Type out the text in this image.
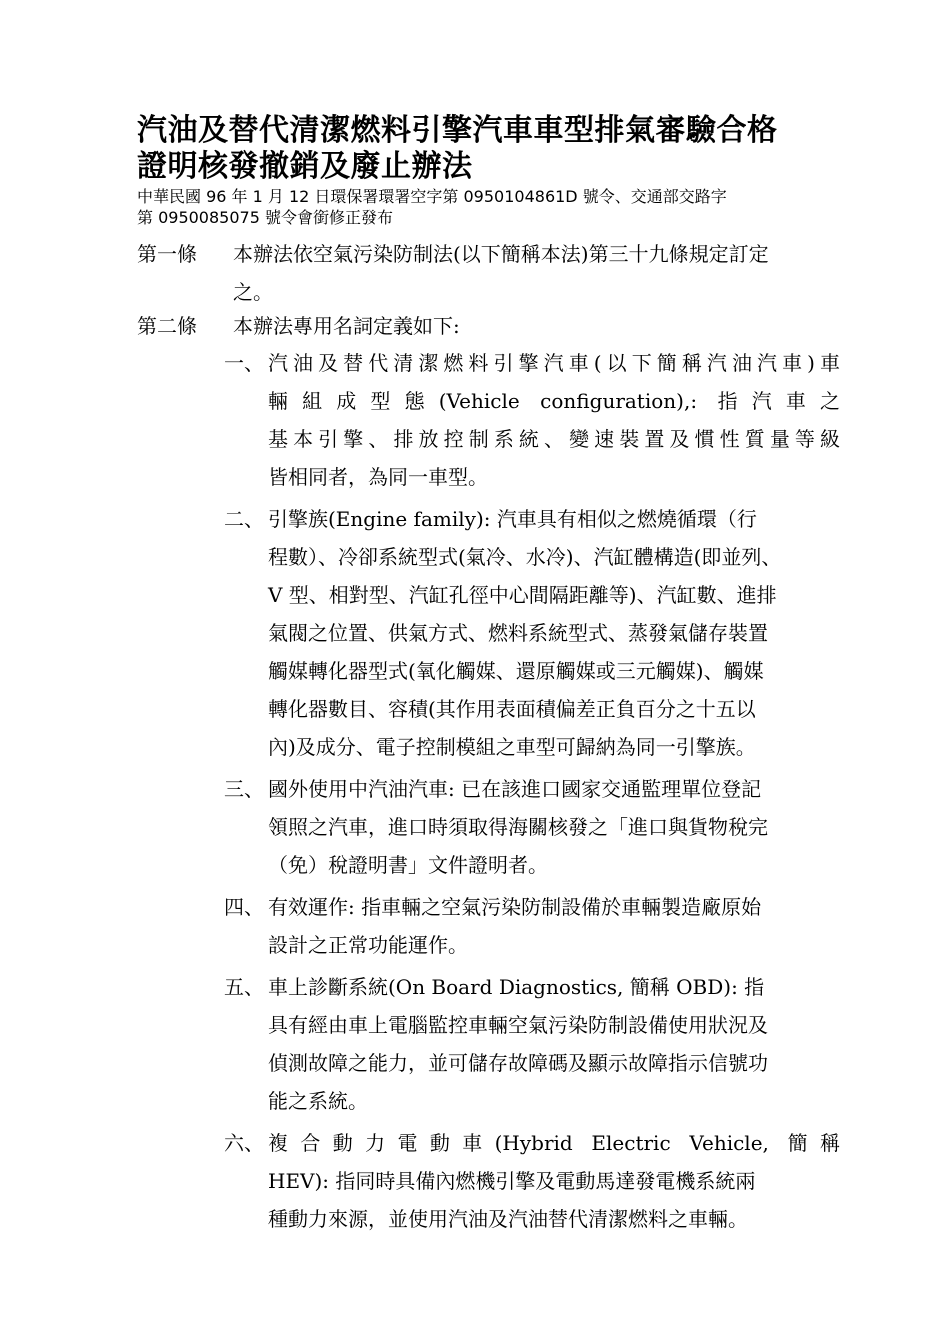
汽油及替代清潔燃料引擎汽車車型排氣審驗合格
證明核發撤銷及廢止辦法
中華民國 96 年 1 月 12 日環保署環署空字第 0950104861D 號令、交通部交路字
第 0950085075 號令會銜修正發布
第一條	本辦法依空氣污染防制法(以下簡稱本法)第三十九條規定訂定
之。
第二條	本辦法專用名詞定義如下:
一、 汽油及替代清潔燃料引擎汽車(以下簡稱汽油汽車)車
輛組成型態(Vehicle configuration),: 指汽車之
基本引擎、排放控制系統、變速裝置及慣性質量等級
皆相同者，為同一車型。
二、 引擎族(Engine family): 汽車具有相似之燃燒循環（行
程數）、冷卻系統型式(氣冷、水冷)、汽缸體構造(即並列、
V 型、相對型、汽缸孔徑中心間隔距離等)、汽缸數、進排
氣閥之位置、供氣方式、燃料系統型式、蒸發氣儲存裝置
觸媒轉化器型式(氧化觸媒、還原觸媒或三元觸媒)、觸媒
轉化器數目、容積(其作用表面積偏差正負百分之十五以
內)及成分、電子控制模組之車型可歸納為同一引擎族。
三、 國外使用中汽油汽車: 已在該進口國家交通監理單位登記
領照之汽車，進口時須取得海關核發之「進口與貨物稅完
（免）稅證明書」文件證明者。
四、 有效運作: 指車輛之空氣污染防制設備於車輛製造廠原始
設計之正常功能運作。
五、 車上診斷系統(On Board Diagnostics, 簡稱 OBD): 指
具有經由車上電腦監控車輛空氣污染防制設備使用狀況及
偵測故障之能力，並可儲存故障碼及顯示故障指示信號功
能之系統。
六、 複合動力電動車(Hybrid Electric Vehicle, 簡稱
HEV): 指同時具備內燃機引擎及電動馬達發電機系統兩
種動力來源，並使用汽油及汽油替代清潔燃料之車輛。
